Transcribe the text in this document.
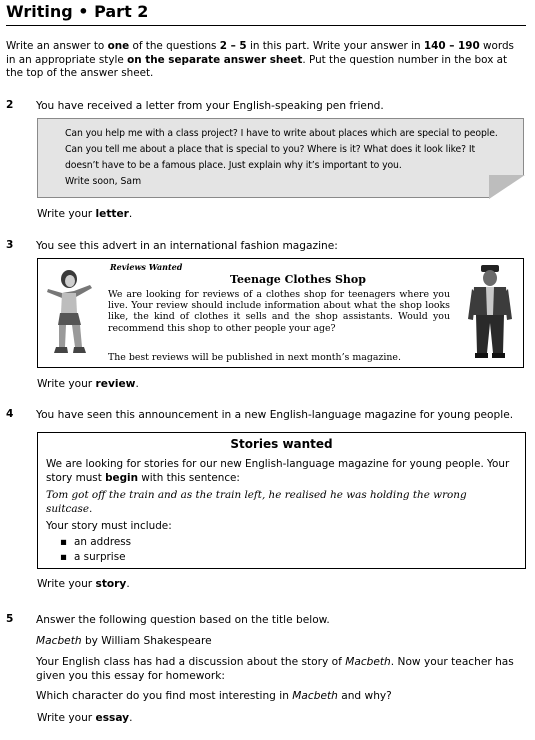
Writing • Part 2
Write an answer to one of the questions 2 – 5 in this part. Write your answer in 140 – 190 words in an appropriate style on the separate answer sheet. Put the question number in the box at the top of the answer sheet.
2 You have received a letter from your English-speaking pen friend.
Can you help me with a class project? I have to write about places which are special to people. Can you tell me about a place that is special to you? Where is it? What does it look like? It doesn’t have to be a famous place. Just explain why it’s important to you.
Write soon, Sam
Write your letter.
3 You see this advert in an international fashion magazine:
Reviews Wanted
Teenage Clothes Shop
We are looking for reviews of a clothes shop for teenagers where you live. Your review should include information about what the shop looks like, the kind of clothes it sells and the shop assistants. Would you recommend this shop to other people your age?
The best reviews will be published in next month’s magazine.
Write your review.
4 You have seen this announcement in a new English-language magazine for young people.
Stories wanted
We are looking for stories for our new English-language magazine for young people. Your story must begin with this sentence:
Tom got off the train and as the train left, he realised he was holding the wrong suitcase.
Your story must include:
▪ an address
▪ a surprise
Write your story.
5 Answer the following question based on the title below.
Macbeth by William Shakespeare
Your English class has had a discussion about the story of Macbeth. Now your teacher has given you this essay for homework:
Which character do you find most interesting in Macbeth and why?
Write your essay.
